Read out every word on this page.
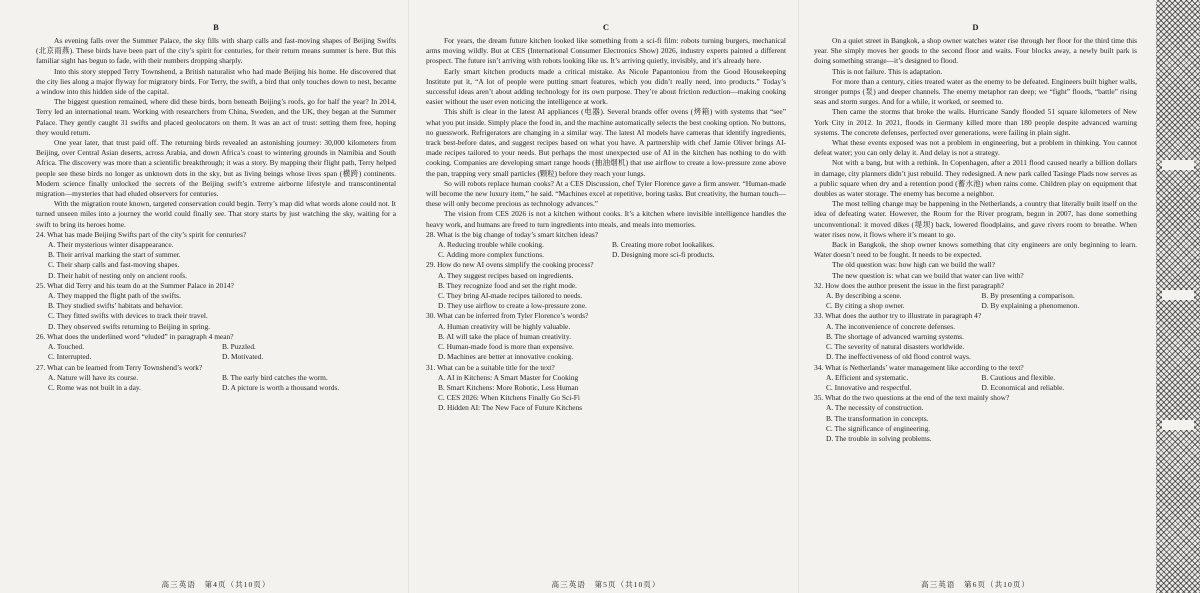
B

As evening falls over the Summer Palace, the sky fills with sharp calls and fast-moving shapes of Beijing Swifts (北京雨燕). These birds have been part of the city’s spirit for centuries, for their return means summer is here. But this familiar sight has begun to fade, with their numbers dropping sharply.

Into this story stepped Terry Townshend, a British naturalist who had made Beijing his home. He discovered that the city lies along a major flyway for migratory birds. For Terry, the swift, a bird that only touches down to nest, became a window into this hidden side of the capital.

The biggest question remained, where did these birds, born beneath Beijing’s roofs, go for half the year? In 2014, Terry led an international team. Working with researchers from China, Sweden, and the UK, they began at the Summer Palace. They gently caught 31 swifts and placed geolocators on them. It was an act of trust: setting them free, hoping they would return.

One year later, that trust paid off. The returning birds revealed an astonishing journey: 30,000 kilometers from Beijing, over Central Asian deserts, across Arabia, and down Africa’s coast to wintering grounds in Namibia and South Africa. The discovery was more than a scientific breakthrough; it was a story. By mapping their flight path, Terry helped people see these birds no longer as unknown dots in the sky, but as living beings whose lives span (横跨) continents. Modern science finally unlocked the secrets of the Beijing swift’s extreme airborne lifestyle and transcontinental migration—mysteries that had eluded observers for centuries.

With the migration route known, targeted conservation could begin. Terry’s map did what words alone could not. It turned unseen miles into a journey the world could finally see. That story starts by just watching the sky, waiting for a swift to bring its heroes home.

24. What has made Beijing Swifts part of the city’s spirit for centuries?

A. Their mysterious winter disappearance.

B. Their arrival marking the start of summer.

C. Their sharp calls and fast-moving shapes.

D. Their habit of nesting only on ancient roofs.

25. What did Terry and his team do at the Summer Palace in 2014?

A. They mapped the flight path of the swifts.

B. They studied swifts’ habitats and behavior.

C. They fitted swifts with devices to track their travel.

D. They observed swifts returning to Beijing in spring.

26. What does the underlined word “eluded” in paragraph 4 mean?

A. Touched.	B. Puzzled.
C. Interrupted.	D. Motivated.

27. What can be learned from Terry Townshend’s work?

A. Nature will have its course.	B. The early bird catches the worm.
C. Rome was not built in a day.	D. A picture is worth a thousand words.
高三英语　第4页（共10页）
C

For years, the dream future kitchen looked like something from a sci-fi film: robots turning burgers, mechanical arms moving wildly. But at CES (International Consumer Electronics Show) 2026, industry experts painted a different prospect. The future isn’t arriving with robots looking like us. It’s arriving quietly, invisibly, and it’s already here.

Early smart kitchen products made a critical mistake. As Nicole Papantoniou from the Good Housekeeping Institute put it, “A lot of people were putting smart features, which you didn’t really need, into products.” Today’s successful ideas aren’t about adding technology for its own purpose. They’re about friction reduction—making cooking easier without the user even noticing the intelligence at work.

This shift is clear in the latest AI appliances (电器). Several brands offer ovens (烤箱) with systems that “see” what you put inside. Simply place the food in, and the machine automatically selects the best cooking option. No buttons, no guesswork. Refrigerators are changing in a similar way. The latest AI models have cameras that identify ingredients, track best-before dates, and suggest recipes based on what you have. A partnership with chef Jamie Oliver brings AI-made recipes tailored to your needs. But perhaps the most unexpected use of AI in the kitchen has nothing to do with cooking. Companies are developing smart range hoods (抽油烟机) that use airflow to create a low-pressure zone above the pan, trapping very small particles (颗粒) before they reach your lungs.

So will robots replace human cooks? At a CES Discussion, chef Tyler Florence gave a firm answer. “Human-made will become the new luxury item,” he said. “Machines excel at repetitive, boring tasks. But creativity, the human touch—these will only become precious as technology advances.”

The vision from CES 2026 is not a kitchen without cooks. It’s a kitchen where invisible intelligence handles the heavy work, and humans are freed to turn ingredients into meals, and meals into memories.

28. What is the big change of today’s smart kitchen ideas?

A. Reducing trouble while cooking.	B. Creating more robot lookalikes.
C. Adding more complex functions.	D. Designing more sci-fi products.

29. How do new AI ovens simplify the cooking process?

A. They suggest recipes based on ingredients.

B. They recognize food and set the right mode.

C. They bring AI-made recipes tailored to needs.

D. They use airflow to create a low-pressure zone.

30. What can be inferred from Tyler Florence’s words?

A. Human creativity will be highly valuable.

B. AI will take the place of human creativity.

C. Human-made food is more than expensive.

D. Machines are better at innovative cooking.

31. What can be a suitable title for the text?

A. AI in Kitchens: A Smart Master for Cooking

B. Smart Kitchens: More Robotic, Less Human

C. CES 2026: When Kitchens Finally Go Sci-Fi

D. Hidden AI: The New Face of Future Kitchens

高三英语　第5页（共10页）
D

On a quiet street in Bangkok, a shop owner watches water rise through her floor for the third time this year. She simply moves her goods to the second floor and waits. Four blocks away, a newly built park is doing something strange—it’s designed to flood.

This is not failure. This is adaptation.

For more than a century, cities treated water as the enemy to be defeated. Engineers built higher walls, stronger pumps (泵) and deeper channels. The enemy metaphor ran deep; we “fight” floods, “battle” rising seas and storm surges. And for a while, it worked, or seemed to.

Then came the storms that broke the walls. Hurricane Sandy flooded 51 square kilometers of New York City in 2012. In 2021, floods in Germany killed more than 180 people despite advanced warning systems. The concrete defenses, perfected over generations, were failing in plain sight.

What these events exposed was not a problem in engineering, but a problem in thinking. You cannot defeat water; you can only delay it. And delay is not a strategy.

Not with a bang, but with a rethink. In Copenhagen, after a 2011 flood caused nearly a billion dollars in damage, city planners didn’t just rebuild. They redesigned. A new park called Tasinge Plads now serves as a public square when dry and a retention pond (蓄水池) when rains come. Children play on equipment that doubles as water storage. The enemy has become a neighbor.

The most telling change may be happening in the Netherlands, a country that literally built itself on the idea of defeating water. However, the Room for the River program, begun in 2007, has done something unconventional: it moved dikes (堤坝) back, lowered floodplains, and gave rivers room to breathe. When water rises now, it flows where it’s meant to go.

Back in Bangkok, the shop owner knows something that city engineers are only beginning to learn. Water doesn’t need to be fought. It needs to be expected.

The old question was: how high can we build the wall?

The new question is: what can we build that water can live with?

32. How does the author present the issue in the first paragraph?

A. By describing a scene.	B. By presenting a comparison.
C. By citing a shop owner.	D. By explaining a phenomenon.

33. What does the author try to illustrate in paragraph 4?

A. The inconvenience of concrete defenses.

B. The shortage of advanced warning systems.

C. The severity of natural disasters worldwide.

D. The ineffectiveness of old flood control ways.

34. What is Netherlands’ water management like according to the text?

A. Efficient and systematic.	B. Cautious and flexible.
C. Innovative and respectful.	D. Economical and reliable.

35. What do the two questions at the end of the text mainly show?

A. The necessity of construction.

B. The transformation in concepts.

C. The significance of engineering.

D. The trouble in solving problems.

高三英语　第6页（共10页）
